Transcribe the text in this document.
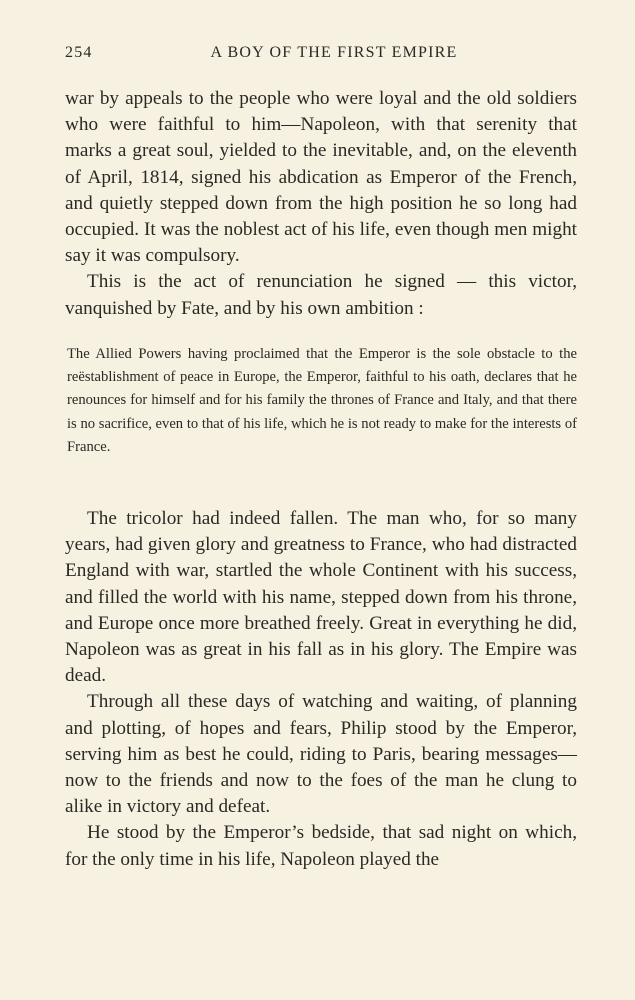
254	A BOY OF THE FIRST EMPIRE

war by appeals to the people who were loyal and the old soldiers who were faithful to him—Napoleon, with that serenity that marks a great soul, yielded to the inevitable, and, on the eleventh of April, 1814, signed his abdication as Emperor of the French, and quietly stepped down from the high position he so long had occupied. It was the noblest act of his life, even though men might say it was compulsory.

This is the act of renunciation he signed — this victor, vanquished by Fate, and by his own ambition :

The Allied Powers having proclaimed that the Emperor is the sole obstacle to the reëstablishment of peace in Europe, the Emperor, faithful to his oath, declares that he renounces for himself and for his family the thrones of France and Italy, and that there is no sacrifice, even to that of his life, which he is not ready to make for the interests of France.

The tricolor had indeed fallen. The man who, for so many years, had given glory and greatness to France, who had distracted England with war, startled the whole Continent with his success, and filled the world with his name, stepped down from his throne, and Europe once more breathed freely. Great in everything he did, Napoleon was as great in his fall as in his glory. The Empire was dead.

Through all these days of watching and waiting, of planning and plotting, of hopes and fears, Philip stood by the Emperor, serving him as best he could, riding to Paris, bearing messages—now to the friends and now to the foes of the man he clung to alike in victory and defeat.

He stood by the Emperor’s bedside, that sad night on which, for the only time in his life, Napoleon played the
